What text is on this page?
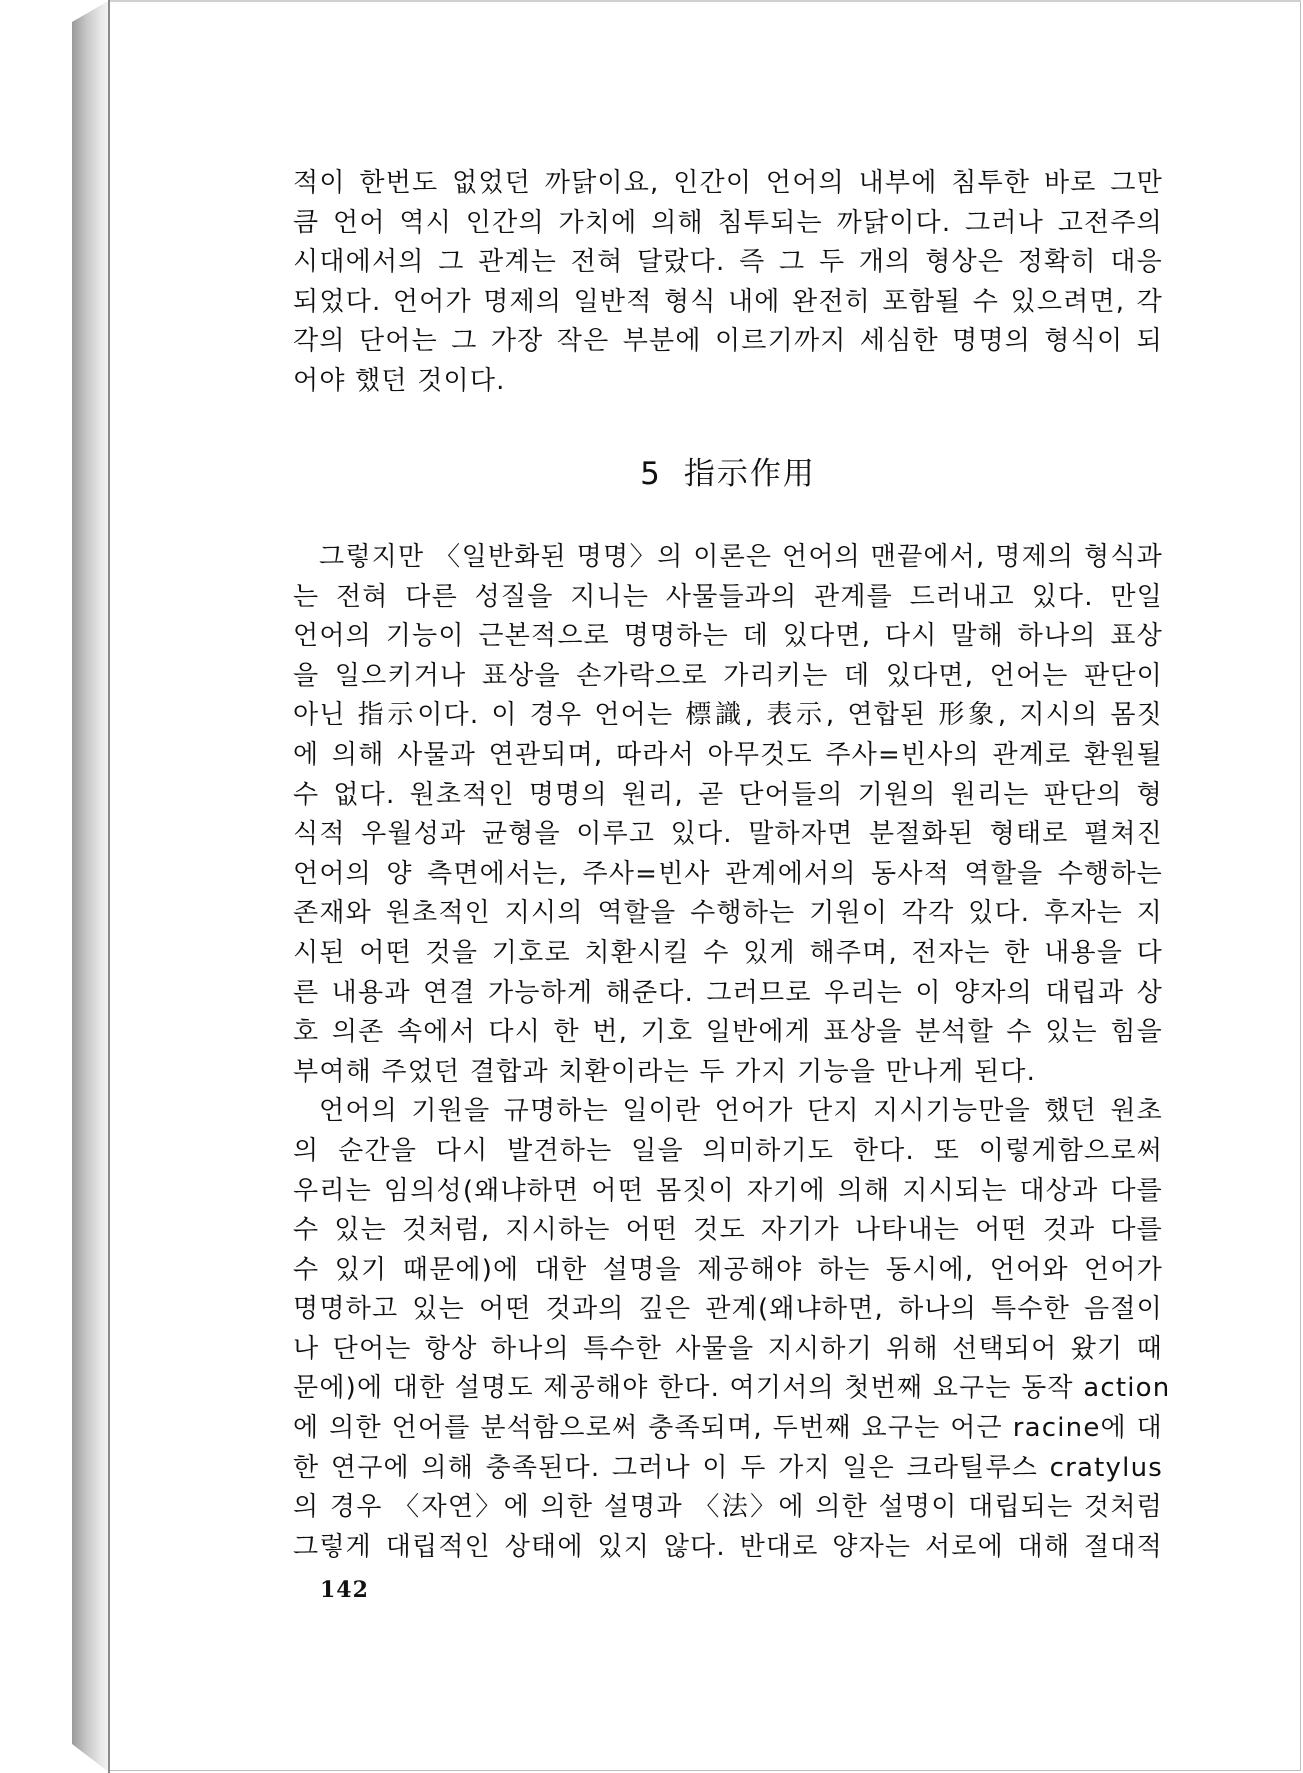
적이 한번도 없었던 까닭이요, 인간이 언어의 내부에 침투한 바로 그만

큼 언어 역시 인간의 가치에 의해 침투되는 까닭이다. 그러나 고전주의

시대에서의 그 관계는 전혀 달랐다. 즉 그 두 개의 형상은 정확히 대응

되었다. 언어가 명제의 일반적 형식 내에 완전히 포함될 수 있으려면, 각

각의 단어는 그 가장 작은 부분에 이르기까지 세심한 명명의 형식이 되

어야 했던 것이다.

5 指示作用

그렇지만 〈일반화된 명명〉의 이론은 언어의 맨끝에서, 명제의 형식과

는 전혀 다른 성질을 지니는 사물들과의 관계를 드러내고 있다. 만일

언어의 기능이 근본적으로 명명하는 데 있다면, 다시 말해 하나의 표상

을 일으키거나 표상을 손가락으로 가리키는 데 있다면, 언어는 판단이

아닌 指示이다. 이 경우 언어는 標識, 表示, 연합된 形象, 지시의 몸짓

에 의해 사물과 연관되며, 따라서 아무것도 주사=빈사의 관계로 환원될

수 없다. 원초적인 명명의 원리, 곧 단어들의 기원의 원리는 판단의 형

식적 우월성과 균형을 이루고 있다. 말하자면 분절화된 형태로 펼쳐진

언어의 양 측면에서는, 주사=빈사 관계에서의 동사적 역할을 수행하는

존재와 원초적인 지시의 역할을 수행하는 기원이 각각 있다. 후자는 지

시된 어떤 것을 기호로 치환시킬 수 있게 해주며, 전자는 한 내용을 다

른 내용과 연결 가능하게 해준다. 그러므로 우리는 이 양자의 대립과 상

호 의존 속에서 다시 한 번, 기호 일반에게 표상을 분석할 수 있는 힘을

부여해 주었던 결합과 치환이라는 두 가지 기능을 만나게 된다.

언어의 기원을 규명하는 일이란 언어가 단지 지시기능만을 했던 원초

의 순간을 다시 발견하는 일을 의미하기도 한다. 또 이렇게함으로써

우리는 임의성(왜냐하면 어떤 몸짓이 자기에 의해 지시되는 대상과 다를

수 있는 것처럼, 지시하는 어떤 것도 자기가 나타내는 어떤 것과 다를

수 있기 때문에)에 대한 설명을 제공해야 하는 동시에, 언어와 언어가

명명하고 있는 어떤 것과의 깊은 관계(왜냐하면, 하나의 특수한 음절이

나 단어는 항상 하나의 특수한 사물을 지시하기 위해 선택되어 왔기 때

문에)에 대한 설명도 제공해야 한다. 여기서의 첫번째 요구는 동작 action

에 의한 언어를 분석함으로써 충족되며, 두번째 요구는 어근 racine에 대

한 연구에 의해 충족된다. 그러나 이 두 가지 일은 크라틸루스 cratylus

의 경우 〈자연〉에 의한 설명과 〈法〉에 의한 설명이 대립되는 것처럼

그렇게 대립적인 상태에 있지 않다. 반대로 양자는 서로에 대해 절대적

142
